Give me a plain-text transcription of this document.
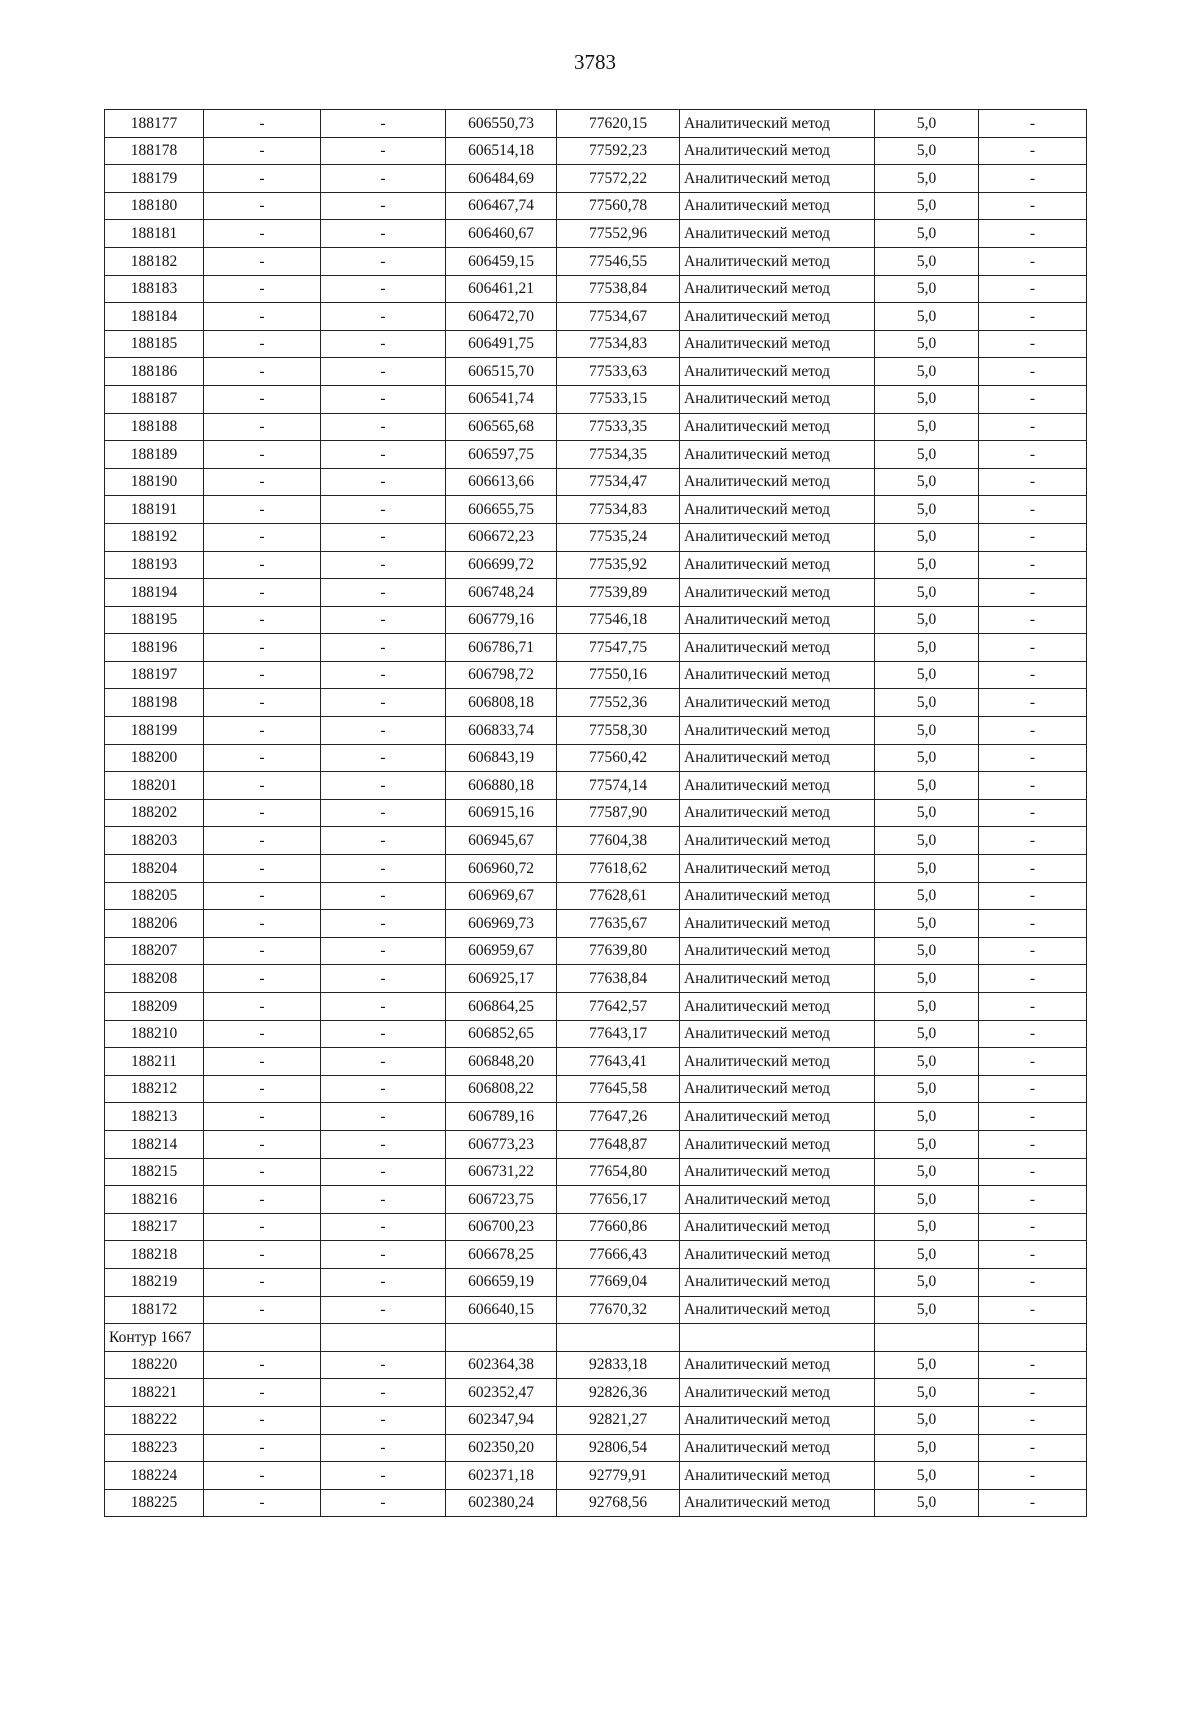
3783
188177	-	-	606550,73	77620,15	Аналитический метод	5,0	-
188178	-	-	606514,18	77592,23	Аналитический метод	5,0	-
188179	-	-	606484,69	77572,22	Аналитический метод	5,0	-
188180	-	-	606467,74	77560,78	Аналитический метод	5,0	-
188181	-	-	606460,67	77552,96	Аналитический метод	5,0	-
188182	-	-	606459,15	77546,55	Аналитический метод	5,0	-
188183	-	-	606461,21	77538,84	Аналитический метод	5,0	-
188184	-	-	606472,70	77534,67	Аналитический метод	5,0	-
188185	-	-	606491,75	77534,83	Аналитический метод	5,0	-
188186	-	-	606515,70	77533,63	Аналитический метод	5,0	-
188187	-	-	606541,74	77533,15	Аналитический метод	5,0	-
188188	-	-	606565,68	77533,35	Аналитический метод	5,0	-
188189	-	-	606597,75	77534,35	Аналитический метод	5,0	-
188190	-	-	606613,66	77534,47	Аналитический метод	5,0	-
188191	-	-	606655,75	77534,83	Аналитический метод	5,0	-
188192	-	-	606672,23	77535,24	Аналитический метод	5,0	-
188193	-	-	606699,72	77535,92	Аналитический метод	5,0	-
188194	-	-	606748,24	77539,89	Аналитический метод	5,0	-
188195	-	-	606779,16	77546,18	Аналитический метод	5,0	-
188196	-	-	606786,71	77547,75	Аналитический метод	5,0	-
188197	-	-	606798,72	77550,16	Аналитический метод	5,0	-
188198	-	-	606808,18	77552,36	Аналитический метод	5,0	-
188199	-	-	606833,74	77558,30	Аналитический метод	5,0	-
188200	-	-	606843,19	77560,42	Аналитический метод	5,0	-
188201	-	-	606880,18	77574,14	Аналитический метод	5,0	-
188202	-	-	606915,16	77587,90	Аналитический метод	5,0	-
188203	-	-	606945,67	77604,38	Аналитический метод	5,0	-
188204	-	-	606960,72	77618,62	Аналитический метод	5,0	-
188205	-	-	606969,67	77628,61	Аналитический метод	5,0	-
188206	-	-	606969,73	77635,67	Аналитический метод	5,0	-
188207	-	-	606959,67	77639,80	Аналитический метод	5,0	-
188208	-	-	606925,17	77638,84	Аналитический метод	5,0	-
188209	-	-	606864,25	77642,57	Аналитический метод	5,0	-
188210	-	-	606852,65	77643,17	Аналитический метод	5,0	-
188211	-	-	606848,20	77643,41	Аналитический метод	5,0	-
188212	-	-	606808,22	77645,58	Аналитический метод	5,0	-
188213	-	-	606789,16	77647,26	Аналитический метод	5,0	-
188214	-	-	606773,23	77648,87	Аналитический метод	5,0	-
188215	-	-	606731,22	77654,80	Аналитический метод	5,0	-
188216	-	-	606723,75	77656,17	Аналитический метод	5,0	-
188217	-	-	606700,23	77660,86	Аналитический метод	5,0	-
188218	-	-	606678,25	77666,43	Аналитический метод	5,0	-
188219	-	-	606659,19	77669,04	Аналитический метод	5,0	-
188172	-	-	606640,15	77670,32	Аналитический метод	5,0	-
Контур 1667							
188220	-	-	602364,38	92833,18	Аналитический метод	5,0	-
188221	-	-	602352,47	92826,36	Аналитический метод	5,0	-
188222	-	-	602347,94	92821,27	Аналитический метод	5,0	-
188223	-	-	602350,20	92806,54	Аналитический метод	5,0	-
188224	-	-	602371,18	92779,91	Аналитический метод	5,0	-
188225	-	-	602380,24	92768,56	Аналитический метод	5,0	-
